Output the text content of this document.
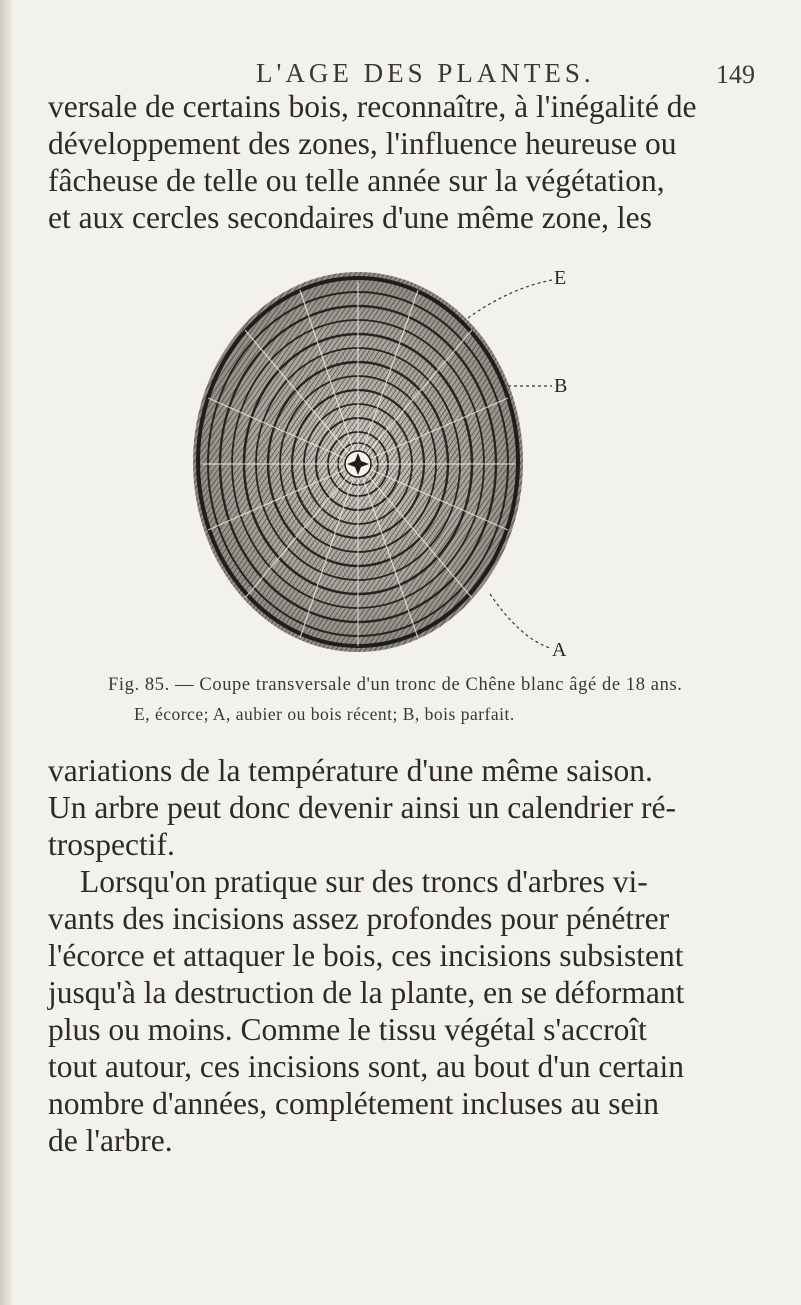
L'AGE DES PLANTES.	149

versale de certains bois, reconnaître, à l'inégalité de
développement des zones, l'influence heureuse ou
fâcheuse de telle ou telle année sur la végétation,
et aux cercles secondaires d'une même zone, les

E
B
A
Fig. 85. — Coupe transversale d'un tronc de Chêne blanc âgé de 18 ans.
E, écorce; A, aubier ou bois récent; B, bois parfait.

variations de la température d'une même saison.
Un arbre peut donc devenir ainsi un calendrier ré-
trospectif.

Lorsqu'on pratique sur des troncs d'arbres vi-
vants des incisions assez profondes pour pénétrer
l'écorce et attaquer le bois, ces incisions subsistent
jusqu'à la destruction de la plante, en se déformant
plus ou moins. Comme le tissu végétal s'accroît
tout autour, ces incisions sont, au bout d'un certain
nombre d'années, complétement incluses au sein
de l'arbre.
